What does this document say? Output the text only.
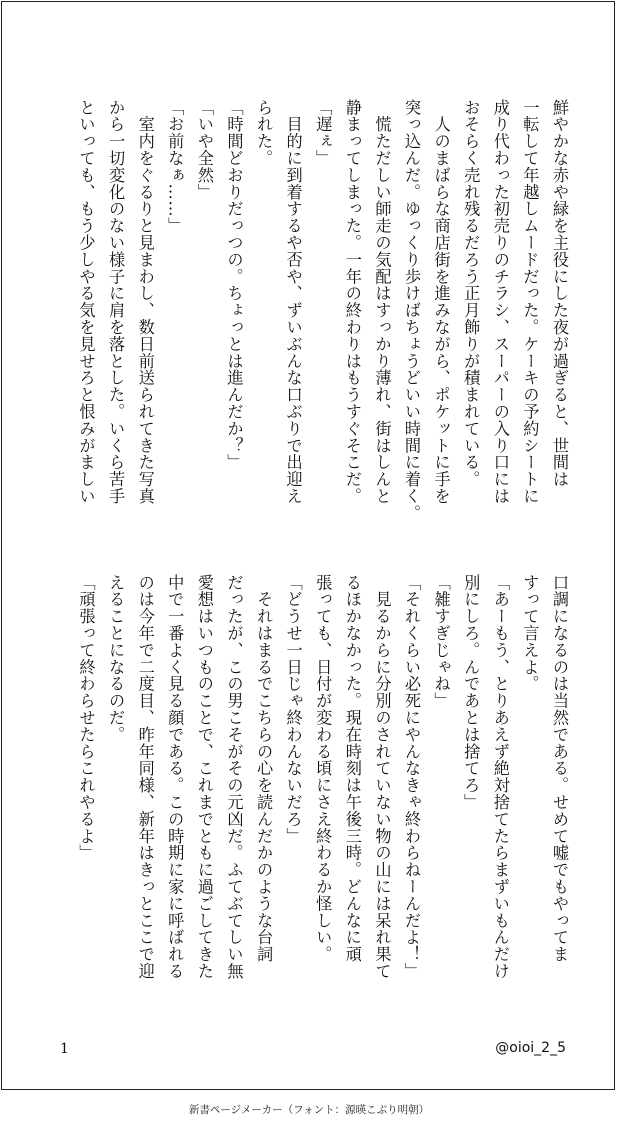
鮮やかな赤や緑を主役にした夜が過ぎると、世間は
一転して年越しムードだった。ケーキの予約シートに
成り代わった初売りのチラシ、スーパーの入り口には
おそらく売れ残るだろう正月飾りが積まれている。
　人のまばらな商店街を進みながら、ポケットに手を
突っ込んだ。ゆっくり歩けばちょうどいい時間に着く。
　慌ただしい師走の気配はすっかり薄れ、街はしんと
静まってしまった。一年の終わりはもうすぐそこだ。
「遅ぇ」
　目的に到着するや否や、ずいぶんな口ぶりで出迎え
られた。
「時間どおりだっつの。ちょっとは進んだか？」
「いや全然」
「お前なぁ……」
　室内をぐるりと見まわし、数日前送られてきた写真
から一切変化のない様子に肩を落とした。いくら苦手
といっても、もう少しやる気を見せろと恨みがましい
口調になるのは当然である。せめて嘘でもやってま
すって言えよ。
「あーもう、とりあえず絶対捨てたらまずいもんだけ
別にしろ。んであとは捨てろ」
「雑すぎじゃね」
「それくらい必死にやんなきゃ終わらねーんだよ！」
　見るからに分別のされていない物の山には呆れ果て
るほかなかった。現在時刻は午後三時。どんなに頑
張っても、日付が変わる頃にさえ終わるか怪しい。
「どうせ一日じゃ終わんないだろ」
　それはまるでこちらの心を読んだかのような台詞
だったが、この男こそがその元凶だ。ふてぶてしい無
愛想はいつものことで、これまでともに過ごしてきた
中で一番よく見る顔である。この時期に家に呼ばれる
のは今年で二度目、昨年同様、新年はきっとここで迎
えることになるのだ。
「頑張って終わらせたらこれやるよ」
1	@oioi_2_5
新書ページメーカー（フォント：源暎こぶり明朝）
